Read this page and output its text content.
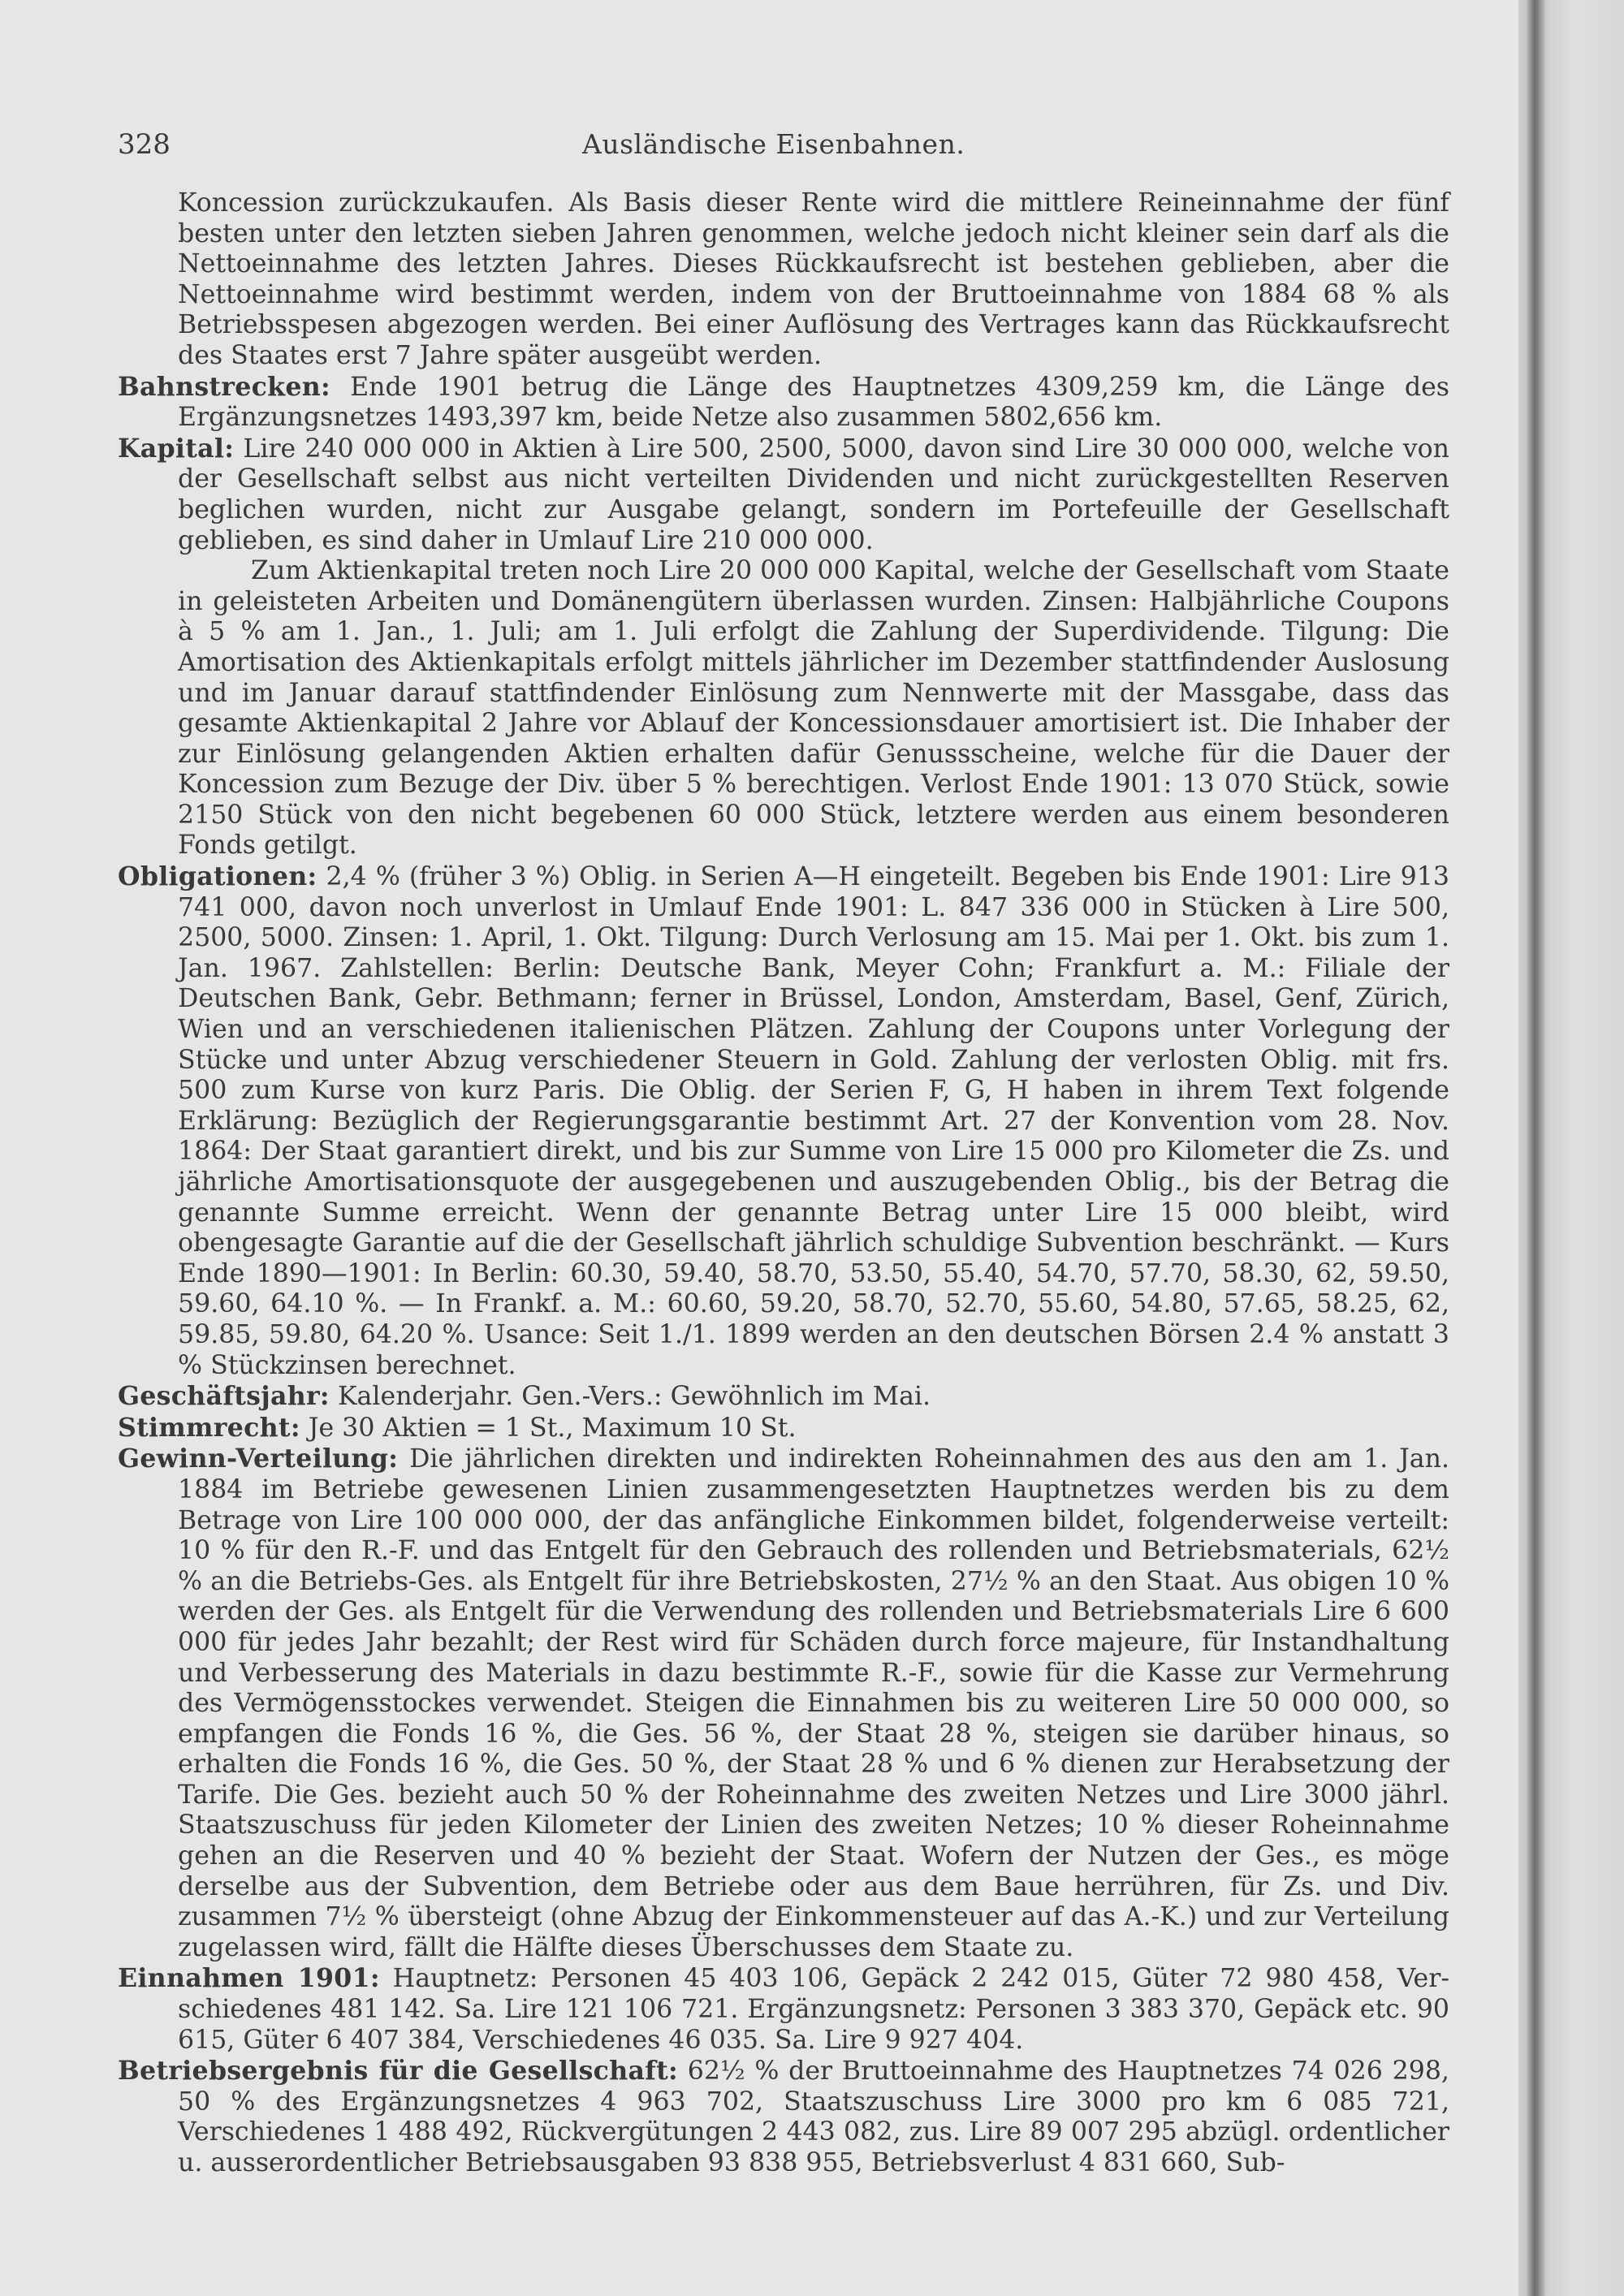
328	Ausländische Eisenbahnen.

Koncession zurückzukaufen. Als Basis dieser Rente wird die mittlere Reineinnahme der fünf besten unter den letzten sieben Jahren genommen, welche jedoch nicht kleiner sein darf als die Nettoeinnahme des letzten Jahres. Dieses Rückkaufsrecht ist bestehen geblieben, aber die Nettoeinnahme wird bestimmt werden, indem von der Bruttoeinnahme von 1884 68 % als Betriebsspesen abgezogen werden. Bei einer Auflösung des Vertrages kann das Rückkaufsrecht des Staates erst 7 Jahre später ausgeübt werden.

Bahnstrecken: Ende 1901 betrug die Länge des Hauptnetzes 4309,259 km, die Länge des Ergänzungsnetzes 1493,397 km, beide Netze also zusammen 5802,656 km.

Kapital: Lire 240 000 000 in Aktien à Lire 500, 2500, 5000, davon sind Lire 30 000 000, welche von der Gesellschaft selbst aus nicht verteilten Dividenden und nicht zurückgestellten Reserven beglichen wurden, nicht zur Ausgabe gelangt, sondern im Portefeuille der Gesellschaft geblieben, es sind daher in Umlauf Lire 210 000 000.

Zum Aktienkapital treten noch Lire 20 000 000 Kapital, welche der Gesellschaft vom Staate in geleisteten Arbeiten und Domänengütern überlassen wurden. Zinsen: Halbjährliche Coupons à 5 % am 1. Jan., 1. Juli; am 1. Juli erfolgt die Zahlung der Superdividende. Tilgung: Die Amortisation des Aktienkapitals erfolgt mittels jährlicher im Dezember stattfindender Auslosung und im Januar darauf stattfindender Einlösung zum Nennwerte mit der Massgabe, dass das gesamte Aktienkapital 2 Jahre vor Ablauf der Koncessionsdauer amortisiert ist. Die Inhaber der zur Einlösung gelangenden Aktien erhalten dafür Genussscheine, welche für die Dauer der Koncession zum Bezuge der Div. über 5 % berechtigen. Verlost Ende 1901: 13 070 Stück, sowie 2150 Stück von den nicht begebenen 60 000 Stück, letztere werden aus einem besonderen Fonds getilgt.

Obligationen: 2,4 % (früher 3 %) Oblig. in Serien A—H eingeteilt. Begeben bis Ende 1901: Lire 913 741 000, davon noch unverlost in Umlauf Ende 1901: L. 847 336 000 in Stücken à Lire 500, 2500, 5000. Zinsen: 1. April, 1. Okt. Tilgung: Durch Verlosung am 15. Mai per 1. Okt. bis zum 1. Jan. 1967. Zahlstellen: Berlin: Deutsche Bank, Meyer Cohn; Frankfurt a. M.: Filiale der Deutschen Bank, Gebr. Bethmann; ferner in Brüssel, London, Amsterdam, Basel, Genf, Zürich, Wien und an verschiedenen italienischen Plätzen. Zahlung der Coupons unter Vorlegung der Stücke und unter Abzug verschiedener Steuern in Gold. Zahlung der verlosten Oblig. mit frs. 500 zum Kurse von kurz Paris. Die Oblig. der Serien F, G, H haben in ihrem Text folgende Erklärung: Bezüglich der Regierungsgarantie bestimmt Art. 27 der Konvention vom 28. Nov. 1864: Der Staat garantiert direkt, und bis zur Summe von Lire 15 000 pro Kilometer die Zs. und jährliche Amortisationsquote der ausgegebenen und auszugebenden Oblig., bis der Betrag die genannte Summe erreicht. Wenn der genannte Betrag unter Lire 15 000 bleibt, wird obengesagte Garantie auf die der Gesellschaft jährlich schuldige Subvention beschränkt. — Kurs Ende 1890—1901: In Berlin: 60.30, 59.40, 58.70, 53.50, 55.40, 54.70, 57.70, 58.30, 62, 59.50, 59.60, 64.10 %. — In Frankf. a. M.: 60.60, 59.20, 58.70, 52.70, 55.60, 54.80, 57.65, 58.25, 62, 59.85, 59.80, 64.20 %. Usance: Seit 1./1. 1899 werden an den deutschen Börsen 2.4 % anstatt 3 % Stückzinsen berechnet.

Geschäftsjahr: Kalenderjahr. Gen.-Vers.: Gewöhnlich im Mai.

Stimmrecht: Je 30 Aktien = 1 St., Maximum 10 St.

Gewinn-Verteilung: Die jährlichen direkten und indirekten Roheinnahmen des aus den am 1. Jan. 1884 im Betriebe gewesenen Linien zusammengesetzten Hauptnetzes werden bis zu dem Betrage von Lire 100 000 000, der das anfängliche Einkommen bildet, folgenderweise verteilt: 10 % für den R.-F. und das Entgelt für den Gebrauch des rollenden und Betriebsmaterials, 62½ % an die Betriebs-Ges. als Entgelt für ihre Betriebskosten, 27½ % an den Staat. Aus obigen 10 % werden der Ges. als Entgelt für die Verwendung des rollenden und Betriebsmaterials Lire 6 600 000 für jedes Jahr bezahlt; der Rest wird für Schäden durch force majeure, für Instandhaltung und Verbesserung des Materials in dazu bestimmte R.-F., sowie für die Kasse zur Vermehrung des Vermögensstockes verwendet. Steigen die Einnahmen bis zu weiteren Lire 50 000 000, so empfangen die Fonds 16 %, die Ges. 56 %, der Staat 28 %, steigen sie darüber hinaus, so erhalten die Fonds 16 %, die Ges. 50 %, der Staat 28 % und 6 % dienen zur Herabsetzung der Tarife. Die Ges. bezieht auch 50 % der Roheinnahme des zweiten Netzes und Lire 3000 jährl. Staatszuschuss für jeden Kilometer der Linien des zweiten Netzes; 10 % dieser Roheinnahme gehen an die Reserven und 40 % bezieht der Staat. Wofern der Nutzen der Ges., es möge derselbe aus der Subvention, dem Betriebe oder aus dem Baue herrühren, für Zs. und Div. zusammen 7½ % übersteigt (ohne Abzug der Einkommensteuer auf das A.-K.) und zur Verteilung zugelassen wird, fällt die Hälfte dieses Überschusses dem Staate zu.

Einnahmen 1901: Hauptnetz: Personen 45 403 106, Gepäck 2 242 015, Güter 72 980 458, Verschiedenes 481 142. Sa. Lire 121 106 721. Ergänzungsnetz: Personen 3 383 370, Gepäck etc. 90 615, Güter 6 407 384, Verschiedenes 46 035. Sa. Lire 9 927 404.

Betriebsergebnis für die Gesellschaft: 62½ % der Bruttoeinnahme des Hauptnetzes 74 026 298, 50 % des Ergänzungsnetzes 4 963 702, Staatszuschuss Lire 3000 pro km 6 085 721, Verschiedenes 1 488 492, Rückvergütungen 2 443 082, zus. Lire 89 007 295 abzügl. ordentlicher u. ausserordentlicher Betriebsausgaben 93 838 955, Betriebsverlust 4 831 660, Sub-
